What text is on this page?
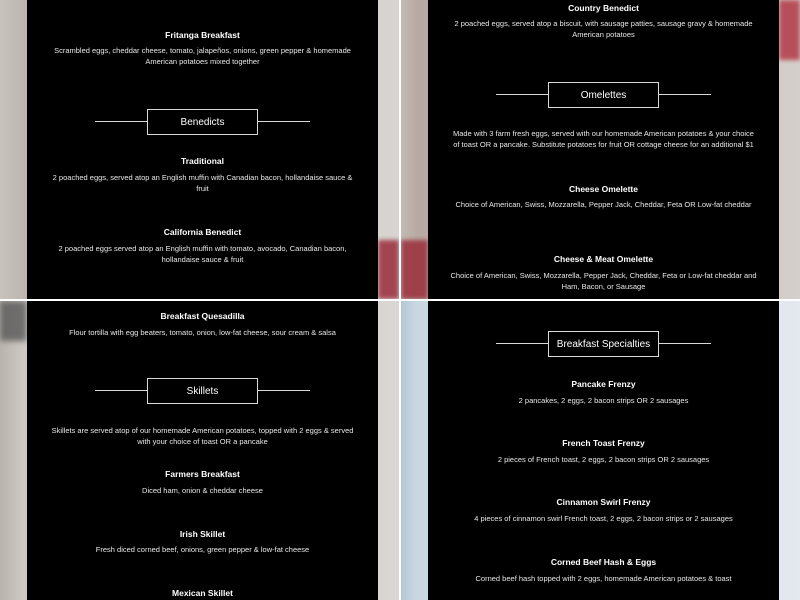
Fritanga Breakfast
Scrambled eggs, cheddar cheese, tomato, jalapeños, onions, green pepper & homemade American potatoes mixed together
Benedicts
Traditional
2 poached eggs, served atop an English muffin with Canadian bacon, hollandaise sauce & fruit
California Benedict
2 poached eggs served atop an English muffin with tomato, avocado, Canadian bacon, hollandaise sauce & fruit
Country Benedict
2 poached eggs, served atop a biscuit, with sausage patties, sausage gravy & homemade American potatoes
Omelettes
Made with 3 farm fresh eggs, served with our homemade American potatoes & your choice of toast OR a pancake. Substitute potatoes for fruit OR cottage cheese for an additional $1
Cheese Omelette
Choice of American, Swiss, Mozzarella, Pepper Jack, Cheddar, Feta OR Low-fat cheddar
Cheese & Meat Omelette
Choice of American, Swiss, Mozzarella, Pepper Jack, Cheddar, Feta or Low-fat cheddar and Ham, Bacon, or Sausage
Breakfast Quesadilla
Flour tortilla with egg beaters, tomato, onion, low-fat cheese, sour cream & salsa
Skillets
Skillets are served atop of our homemade American potatoes, topped with 2 eggs & served with your choice of toast OR a pancake
Farmers Breakfast
Diced ham, onion & cheddar cheese
Irish Skillet
Fresh diced corned beef, onions, green pepper & low-fat cheese
Mexican Skillet
Breakfast Specialties
Pancake Frenzy
2 pancakes, 2 eggs, 2 bacon strips OR 2 sausages
French Toast Frenzy
2 pieces of French toast, 2 eggs, 2 bacon strips OR 2 sausages
Cinnamon Swirl Frenzy
4 pieces of cinnamon swirl French toast, 2 eggs, 2 bacon strips or 2 sausages
Corned Beef Hash & Eggs
Corned beef hash topped with 2 eggs, homemade American potatoes & toast
